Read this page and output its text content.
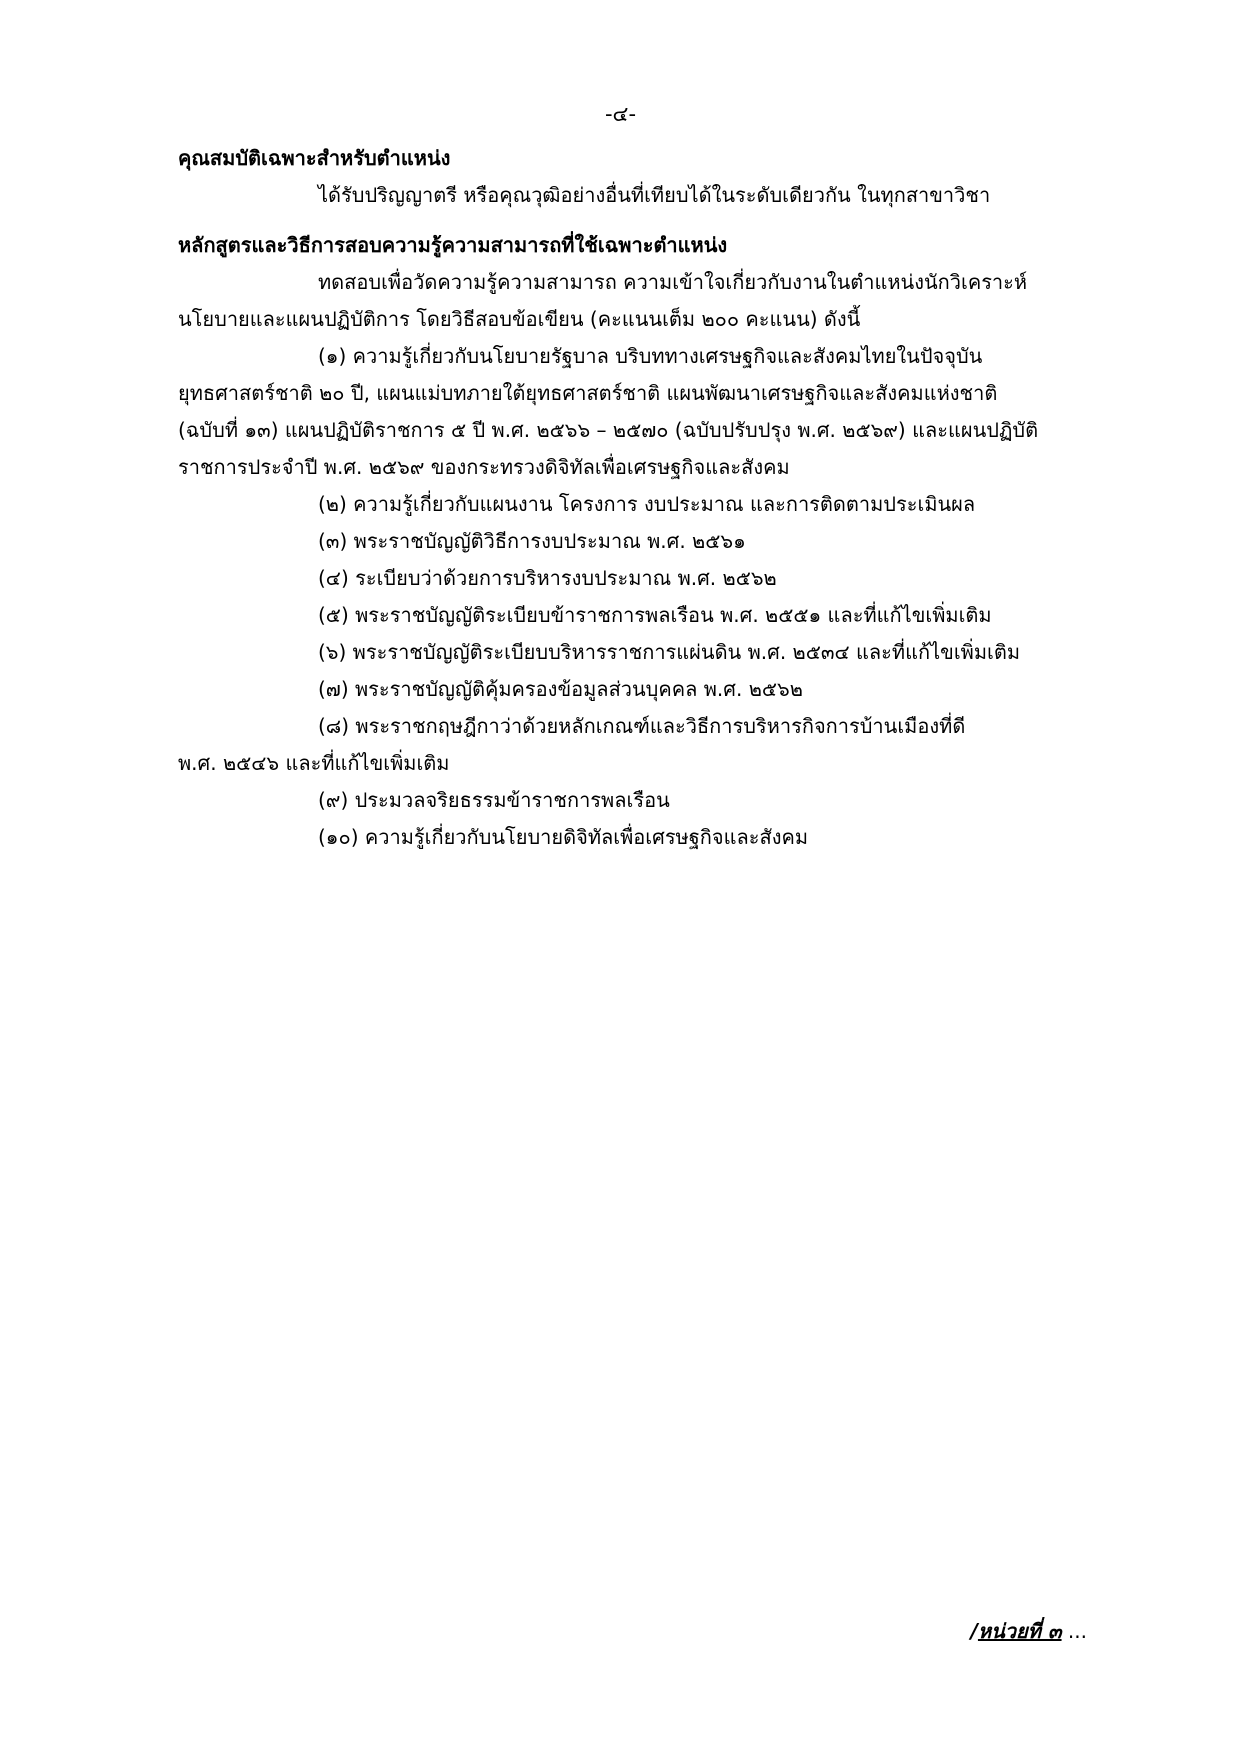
-๔-
คุณสมบัติเฉพาะสำหรับตำแหน่ง
ได้รับปริญญาตรี หรือคุณวุฒิอย่างอื่นที่เทียบได้ในระดับเดียวกัน ในทุกสาขาวิชา
หลักสูตรและวิธีการสอบความรู้ความสามารถที่ใช้เฉพาะตำแหน่ง
ทดสอบเพื่อวัดความรู้ความสามารถ ความเข้าใจเกี่ยวกับงานในตำแหน่งนักวิเคราะห์
นโยบายและแผนปฏิบัติการ โดยวิธีสอบข้อเขียน (คะแนนเต็ม ๒๐๐ คะแนน) ดังนี้
(๑) ความรู้เกี่ยวกับนโยบายรัฐบาล บริบททางเศรษฐกิจและสังคมไทยในปัจจุบัน
ยุทธศาสตร์ชาติ ๒๐ ปี, แผนแม่บทภายใต้ยุทธศาสตร์ชาติ แผนพัฒนาเศรษฐกิจและสังคมแห่งชาติ
(ฉบับที่ ๑๓) แผนปฏิบัติราชการ ๕ ปี พ.ศ. ๒๕๖๖ – ๒๕๗๐ (ฉบับปรับปรุง พ.ศ. ๒๕๖๙) และแผนปฏิบัติ
ราชการประจำปี พ.ศ. ๒๕๖๙ ของกระทรวงดิจิทัลเพื่อเศรษฐกิจและสังคม
(๒) ความรู้เกี่ยวกับแผนงาน โครงการ งบประมาณ และการติดตามประเมินผล
(๓) พระราชบัญญัติวิธีการงบประมาณ พ.ศ. ๒๕๖๑
(๔) ระเบียบว่าด้วยการบริหารงบประมาณ พ.ศ. ๒๕๖๒
(๕) พระราชบัญญัติระเบียบข้าราชการพลเรือน พ.ศ. ๒๕๕๑ และที่แก้ไขเพิ่มเติม
(๖) พระราชบัญญัติระเบียบบริหารราชการแผ่นดิน พ.ศ. ๒๕๓๔ และที่แก้ไขเพิ่มเติม
(๗) พระราชบัญญัติคุ้มครองข้อมูลส่วนบุคคล พ.ศ. ๒๕๖๒
(๘) พระราชกฤษฎีกาว่าด้วยหลักเกณฑ์และวิธีการบริหารกิจการบ้านเมืองที่ดี
พ.ศ. ๒๕๔๖ และที่แก้ไขเพิ่มเติม
(๙) ประมวลจริยธรรมข้าราชการพลเรือน
(๑๐) ความรู้เกี่ยวกับนโยบายดิจิทัลเพื่อเศรษฐกิจและสังคม
/หน่วยที่ ๓ ...
